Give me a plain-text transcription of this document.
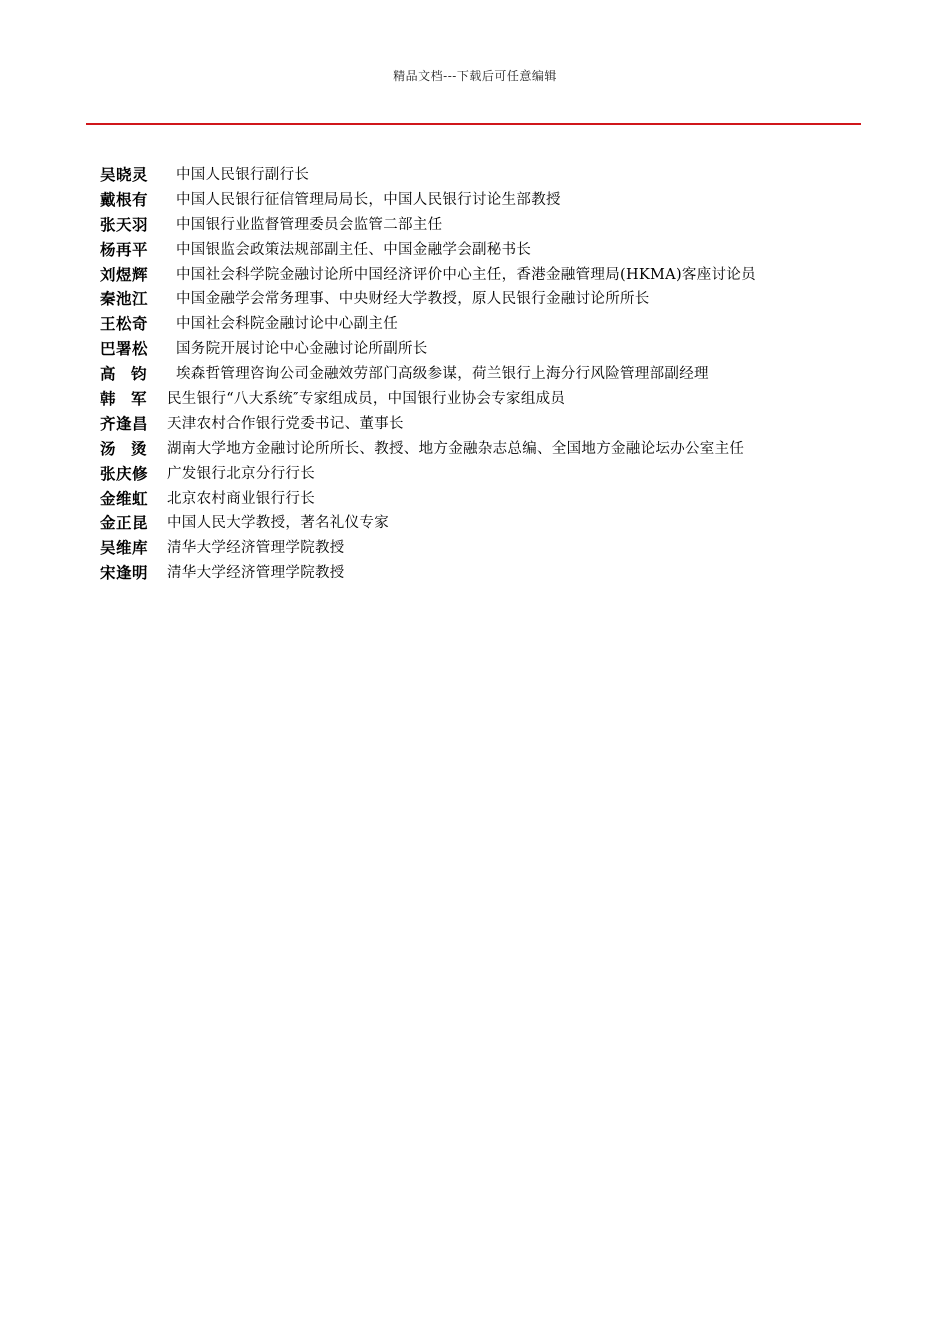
精品文档---下载后可任意编辑
吴晓灵 中国人民银行副行长
戴根有 中国人民银行征信管理局局长，中国人民银行讨论生部教授
张天羽 中国银行业监督管理委员会监管二部主任
杨再平 中国银监会政策法规部副主任、中国金融学会副秘书长
刘煜辉 中国社会科学院金融讨论所中国经济评价中心主任，香港金融管理局(HKMA)客座讨论员
秦池江 中国金融学会常务理事、中央财经大学教授，原人民银行金融讨论所所长
王松奇 中国社会科院金融讨论中心副主任
巴署松 国务院开展讨论中心金融讨论所副所长
高　钧 埃森哲管理咨询公司金融效劳部门高级参谋，荷兰银行上海分行风险管理部副经理
韩　军 民生银行“八大系统″专家组成员，中国银行业协会专家组成员
齐逢昌 天津农村合作银行党委书记、董事长
汤　烫 湖南大学地方金融讨论所所长、教授、地方金融杂志总编、全国地方金融论坛办公室主任
张庆修 广发银行北京分行行长
金维虹 北京农村商业银行行长
金正昆 中国人民大学教授，著名礼仪专家
吴维库 清华大学经济管理学院教授
宋逢明 清华大学经济管理学院教授
